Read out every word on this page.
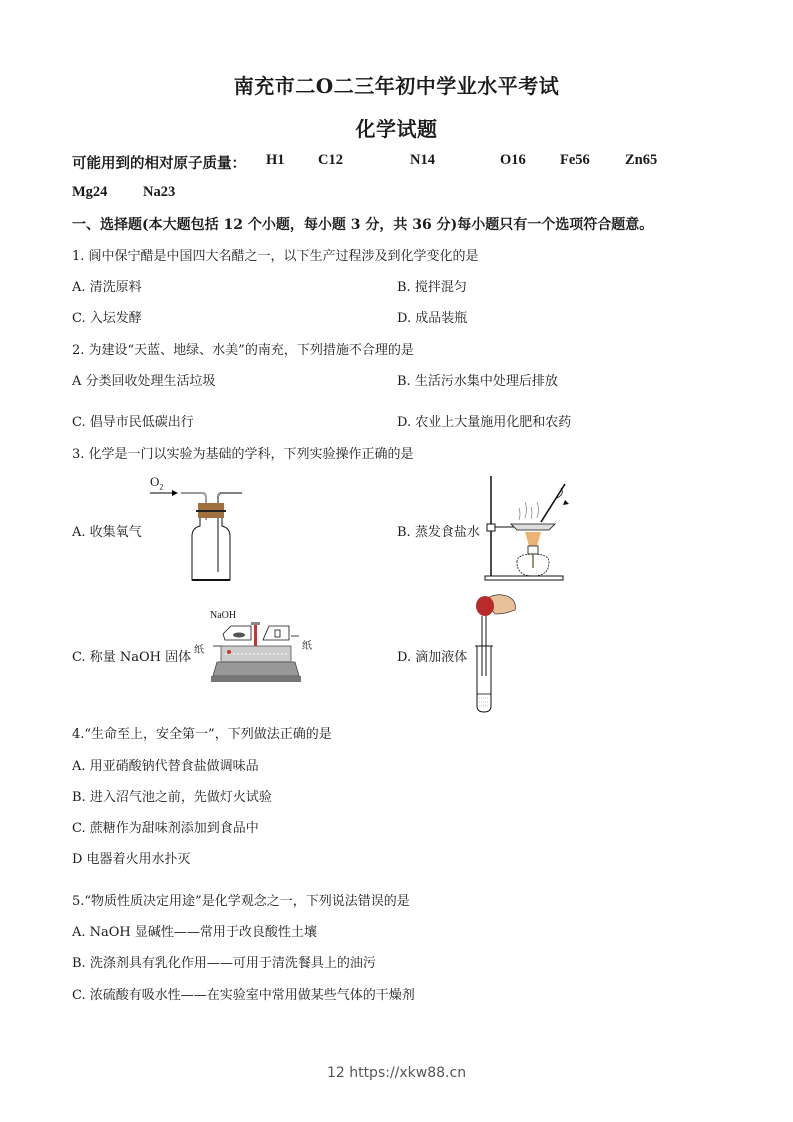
南充市二O二三年初中学业水平考试
化学试题
可能用到的相对原子质量： H1 C12	N14	O16 Fe56 Zn65
Mg24 Na23
一、选择题(本大题包括 12 个小题，每小题 3 分，共 36 分)每小题只有一个选项符合题意。
1. 阆中保宁醋是中国四大名醋之一，以下生产过程涉及到化学变化的是
A. 清洗原料	B. 搅拌混匀
C. 入坛发酵	D. 成品装瓶
2. 为建设“天蓝、地绿、水美”的南充，下列措施不合理的是
A 分类回收处理生活垃圾	B. 生活污水集中处理后排放
C. 倡导市民低碳出行	D. 农业上大量施用化肥和农药
3. 化学是一门以实验为基础的学科，下列实验操作正确的是
A. 收集氧气	B. 蒸发食盐水
C. 称量 NaOH 固体	D. 滴加液体
$O_2$
NaOH
纸	纸
4.“生命至上，安全第一”，下列做法正确的是
A. 用亚硝酸钠代替食盐做调味品
B. 进入沼气池之前，先做灯火试验
C. 蔗糖作为甜味剂添加到食品中
D 电器着火用水扑灭
5.“物质性质决定用途”是化学观念之一，下列说法错误的是
A. NaOH 显碱性——常用于改良酸性土壤
B. 洗涤剂具有乳化作用——可用于清洗餐具上的油污
C. 浓硫酸有吸水性——在实验室中常用做某些气体的干燥剂
12 https://xkw88.cn
